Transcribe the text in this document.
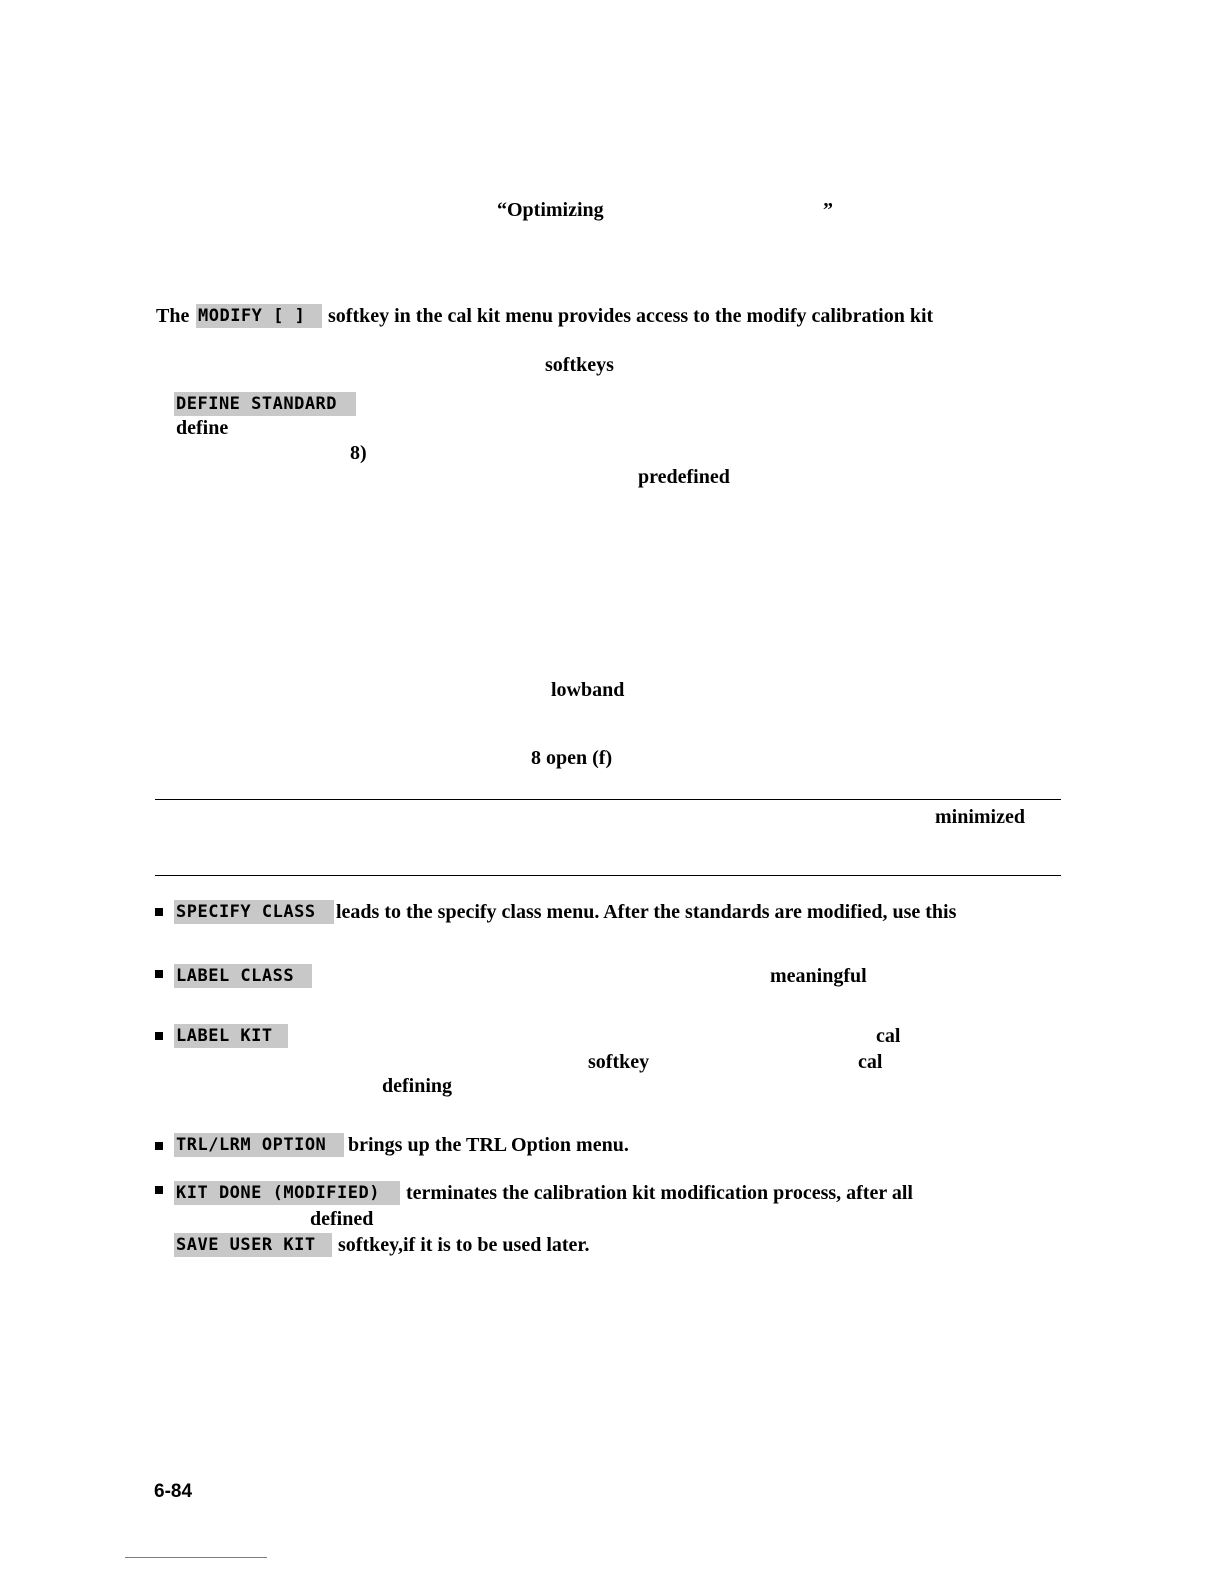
“Optimizing	”
The MODIFY [ ]	softkey in the cal kit menu provides access to the modify calibration kit
softkeys
DEFINE STANDARD
define
8)
predefined
lowband
8 open (f)
minimized
SPECIFY CLASS	leads to the specify class menu. After the standards are modified, use this
LABEL CLASS	meaningful
LABEL KIT	cal
softkey	cal
defining
TRL/LRM OPTION	brings up the TRL Option menu.
KIT DONE (MODIFIED)	terminates the calibration kit modification process, after all
defined
SAVE USER KIT	softkey,if it is to be used later.
6-84
